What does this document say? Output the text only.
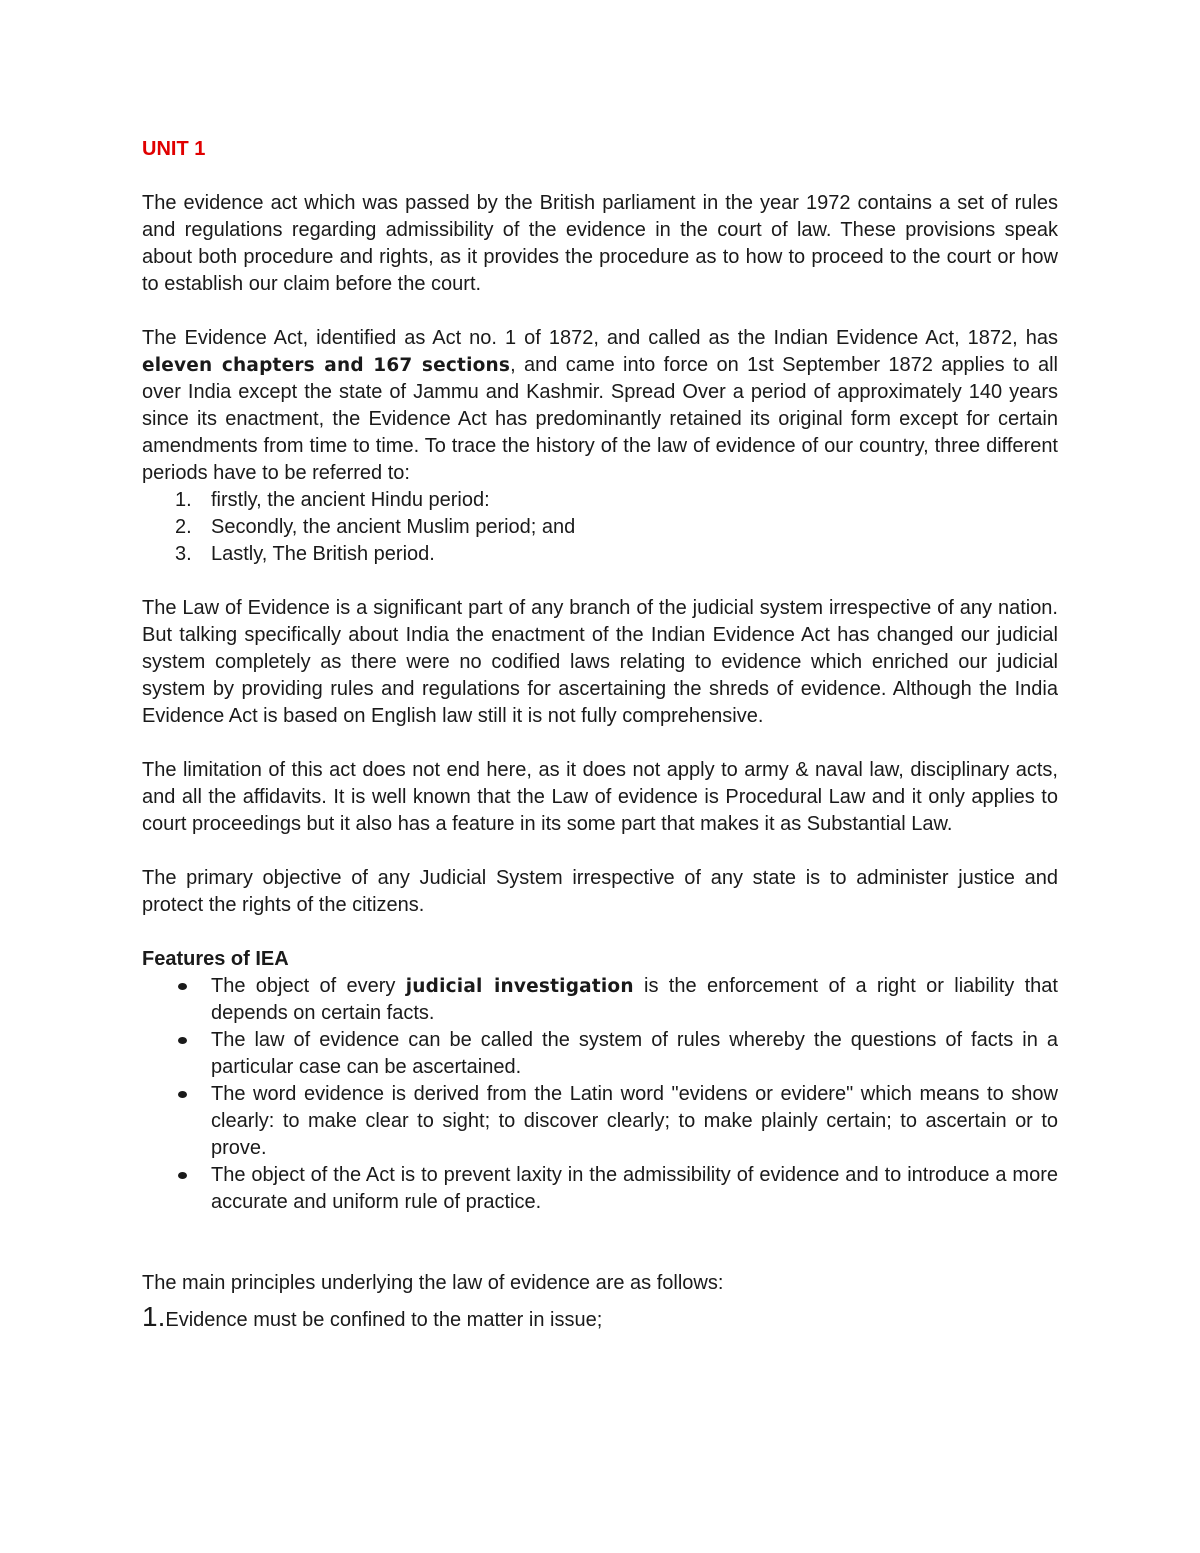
UNIT 1

The evidence act which was passed by the British parliament in the year 1972 contains a set of rules and regulations regarding admissibility of the evidence in the court of law. These provisions speak about both procedure and rights, as it provides the procedure as to how to proceed to the court or how to establish our claim before the court.

The Evidence Act, identified as Act no. 1 of 1872, and called as the Indian Evidence Act, 1872, has eleven chapters and 167 sections, and came into force on 1st September 1872 applies to all over India except the state of Jammu and Kashmir. Spread Over a period of approximately 140 years since its enactment, the Evidence Act has predominantly retained its original form except for certain amendments from time to time. To trace the history of the law of evidence of our country, three different periods have to be referred to:

1. firstly, the ancient Hindu period:
2. Secondly, the ancient Muslim period; and
3. Lastly, The British period.

The Law of Evidence is a significant part of any branch of the judicial system irrespective of any nation. But talking specifically about India the enactment of the Indian Evidence Act has changed our judicial system completely as there were no codified laws relating to evidence which enriched our judicial system by providing rules and regulations for ascertaining the shreds of evidence. Although the India Evidence Act is based on English law still it is not fully comprehensive.

The limitation of this act does not end here, as it does not apply to army & naval law, disciplinary acts, and all the affidavits. It is well known that the Law of evidence is Procedural Law and it only applies to court proceedings but it also has a feature in its some part that makes it as Substantial Law.

The primary objective of any Judicial System irrespective of any state is to administer justice and protect the rights of the citizens.

Features of IEA
The object of every judicial investigation is the enforcement of a right or liability that depends on certain facts.
The law of evidence can be called the system of rules whereby the questions of facts in a particular case can be ascertained.
The word evidence is derived from the Latin word "evidens or evidere" which means to show clearly: to make clear to sight; to discover clearly; to make plainly certain; to ascertain or to prove.
The object of the Act is to prevent laxity in the admissibility of evidence and to introduce a more accurate and uniform rule of practice.

The main principles underlying the law of evidence are as follows:

1.Evidence must be confined to the matter in issue;
